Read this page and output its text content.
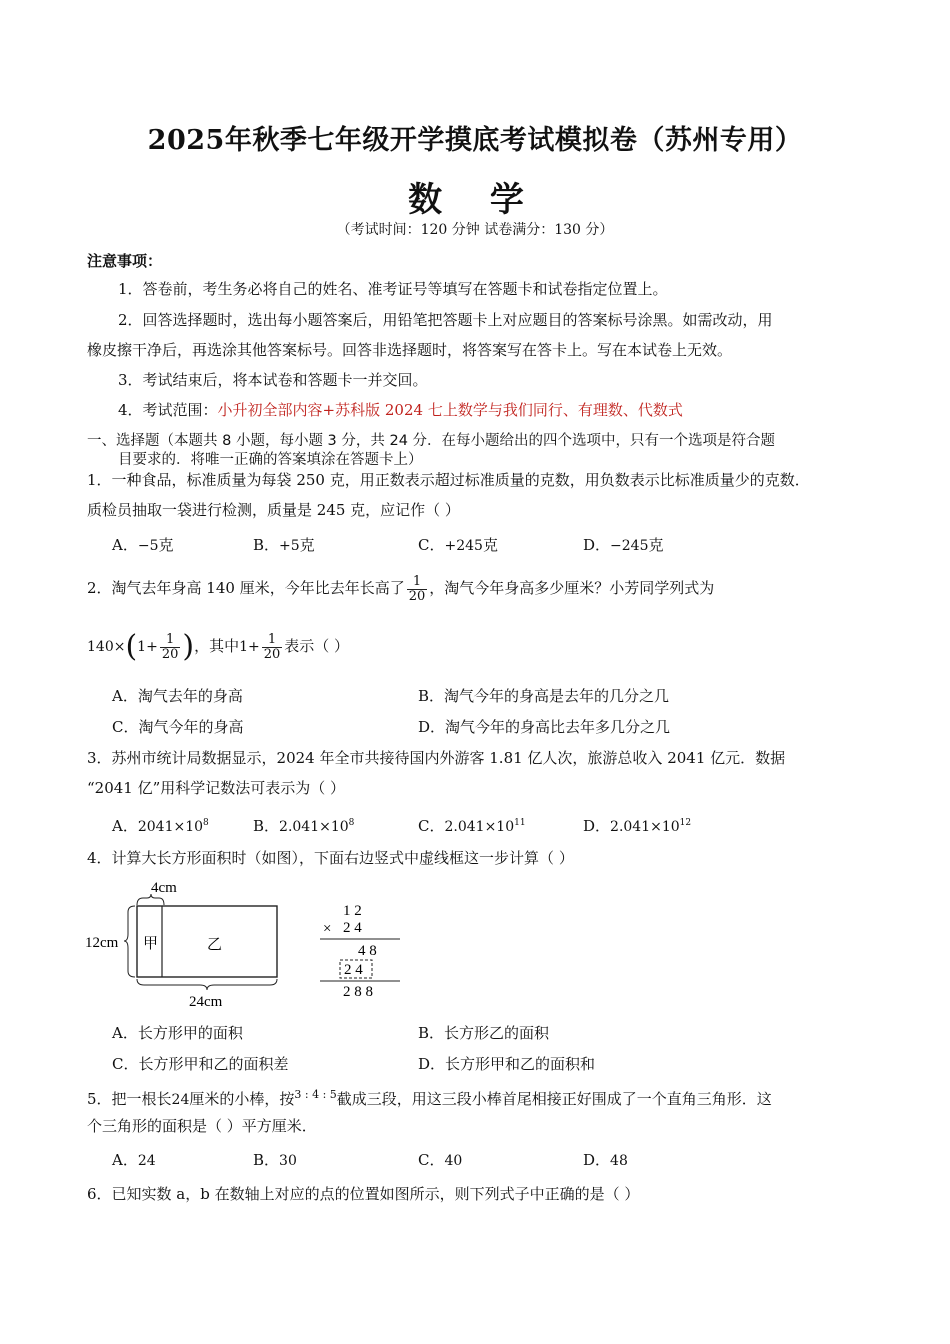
2025年秋季七年级开学摸底考试模拟卷（苏州专用）
数 学
（考试时间：120 分钟 试卷满分：130 分）
注意事项：
1．答卷前，考生务必将自己的姓名、准考证号等填写在答题卡和试卷指定位置上。
2．回答选择题时，选出每小题答案后，用铅笔把答题卡上对应题目的答案标号涂黑。如需改动，用
橡皮擦干净后，再选涂其他答案标号。回答非选择题时，将答案写在答卡上。写在本试卷上无效。
3．考试结束后，将本试卷和答题卡一并交回。
4．考试范围：小升初全部内容+苏科版 2024 七上数学与我们同行、有理数、代数式
一、选择题（本题共 8 小题，每小题 3 分，共 24 分．在每小题给出的四个选项中，只有一个选项是符合题
目要求的．将唯一正确的答案填涂在答题卡上）
1．一种食品，标准质量为每袋 250 克，用正数表示超过标准质量的克数，用负数表示比标准质量少的克数．
质检员抽取一袋进行检测，质量是 245 克，应记作（ ）
A．−5克	B．+5克	C．+245克	D．−245克
2．淘气去年身高 140 厘米，今年比去年长高了 $\frac{1}{20}$ ，淘气今年身高多少厘米？小芳同学列式为
$140\times(1+ \frac{1}{20}$ )，其中$1+ \frac{1}{20}$ 表示（ ）
A．淘气去年的身高	B．淘气今年的身高是去年的几分之几
C．淘气今年的身高	D．淘气今年的身高比去年多几分之几
3．苏州市统计局数据显示，2024 年全市共接待国内外游客 1.81 亿人次，旅游总收入 2041 亿元．数据
“2041 亿”用科学记数法可表示为（ ）
A．$2041\times 10^8$	B．$2.041\times 10^8$	C．$2.041\times 10^{11}$	D．$2.041\times 10^{12}$
4．计算大长方形面积时（如图），下面右边竖式中虚线框这一步计算（ ）
4cm
甲	乙
12cm
24cm
1 2
× 2 4
4 8
2 4
2 8 8
A．长方形甲的面积	B．长方形乙的面积
C．长方形甲和乙的面积差	D．长方形甲和乙的面积和
5．把一根长24厘米的小棒，按$^{3 : 4 : 5}$截成三段，用这三段小棒首尾相接正好围成了一个直角三角形．这
个三角形的面积是（ ）平方厘米．
A．24	B．30	C．40	D．48
6．已知实数 a，b 在数轴上对应的点的位置如图所示，则下列式子中正确的是（ ）
